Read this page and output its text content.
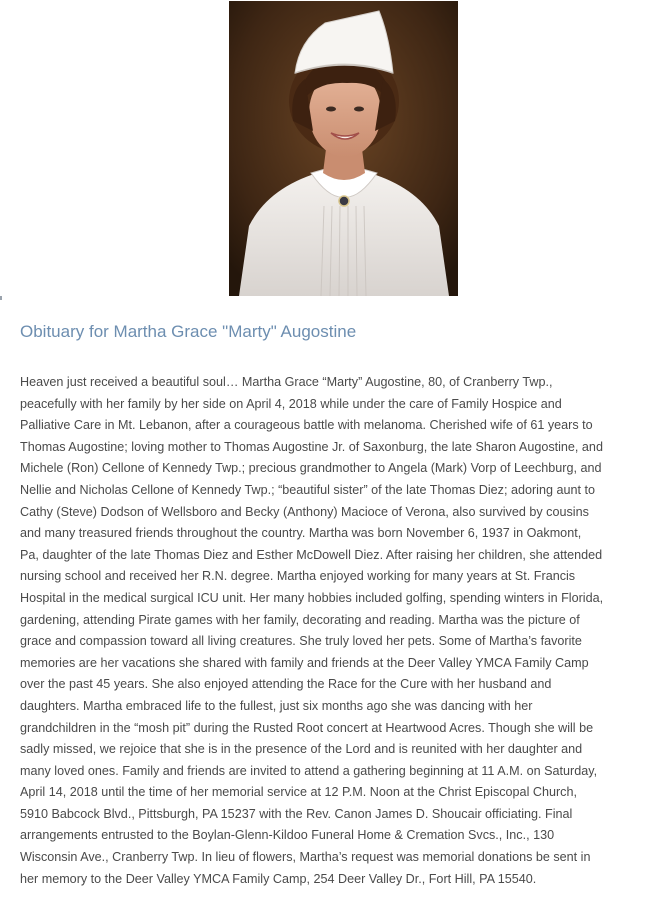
Obituary for Martha Grace "Marty" Augostine

Heaven just received a beautiful soul… Martha Grace “Marty” Augostine, 80, of Cranberry Twp.,
peacefully with her family by her side on April 4, 2018 while under the care of Family Hospice and
Palliative Care in Mt. Lebanon, after a courageous battle with melanoma. Cherished wife of 61 years to
Thomas Augostine; loving mother to Thomas Augostine Jr. of Saxonburg, the late Sharon Augostine, and
Michele (Ron) Cellone of Kennedy Twp.; precious grandmother to Angela (Mark) Vorp of Leechburg, and
Nellie and Nicholas Cellone of Kennedy Twp.; “beautiful sister” of the late Thomas Diez; adoring aunt to
Cathy (Steve) Dodson of Wellsboro and Becky (Anthony) Macioce of Verona, also survived by cousins
and many treasured friends throughout the country. Martha was born November 6, 1937 in Oakmont,
Pa, daughter of the late Thomas Diez and Esther McDowell Diez. After raising her children, she attended
nursing school and received her R.N. degree. Martha enjoyed working for many years at St. Francis
Hospital in the medical surgical ICU unit. Her many hobbies included golfing, spending winters in Florida,
gardening, attending Pirate games with her family, decorating and reading. Martha was the picture of
grace and compassion toward all living creatures. She truly loved her pets. Some of Martha’s favorite
memories are her vacations she shared with family and friends at the Deer Valley YMCA Family Camp
over the past 45 years. She also enjoyed attending the Race for the Cure with her husband and
daughters. Martha embraced life to the fullest, just six months ago she was dancing with her
grandchildren in the “mosh pit” during the Rusted Root concert at Heartwood Acres. Though she will be
sadly missed, we rejoice that she is in the presence of the Lord and is reunited with her daughter and
many loved ones. Family and friends are invited to attend a gathering beginning at 11 A.M. on Saturday,
April 14, 2018 until the time of her memorial service at 12 P.M. Noon at the Christ Episcopal Church,
5910 Babcock Blvd., Pittsburgh, PA 15237 with the Rev. Canon James D. Shoucair officiating. Final
arrangements entrusted to the Boylan-Glenn-Kildoo Funeral Home & Cremation Svcs., Inc., 130
Wisconsin Ave., Cranberry Twp. In lieu of flowers, Martha’s request was memorial donations be sent in
her memory to the Deer Valley YMCA Family Camp, 254 Deer Valley Dr., Fort Hill, PA 15540.
